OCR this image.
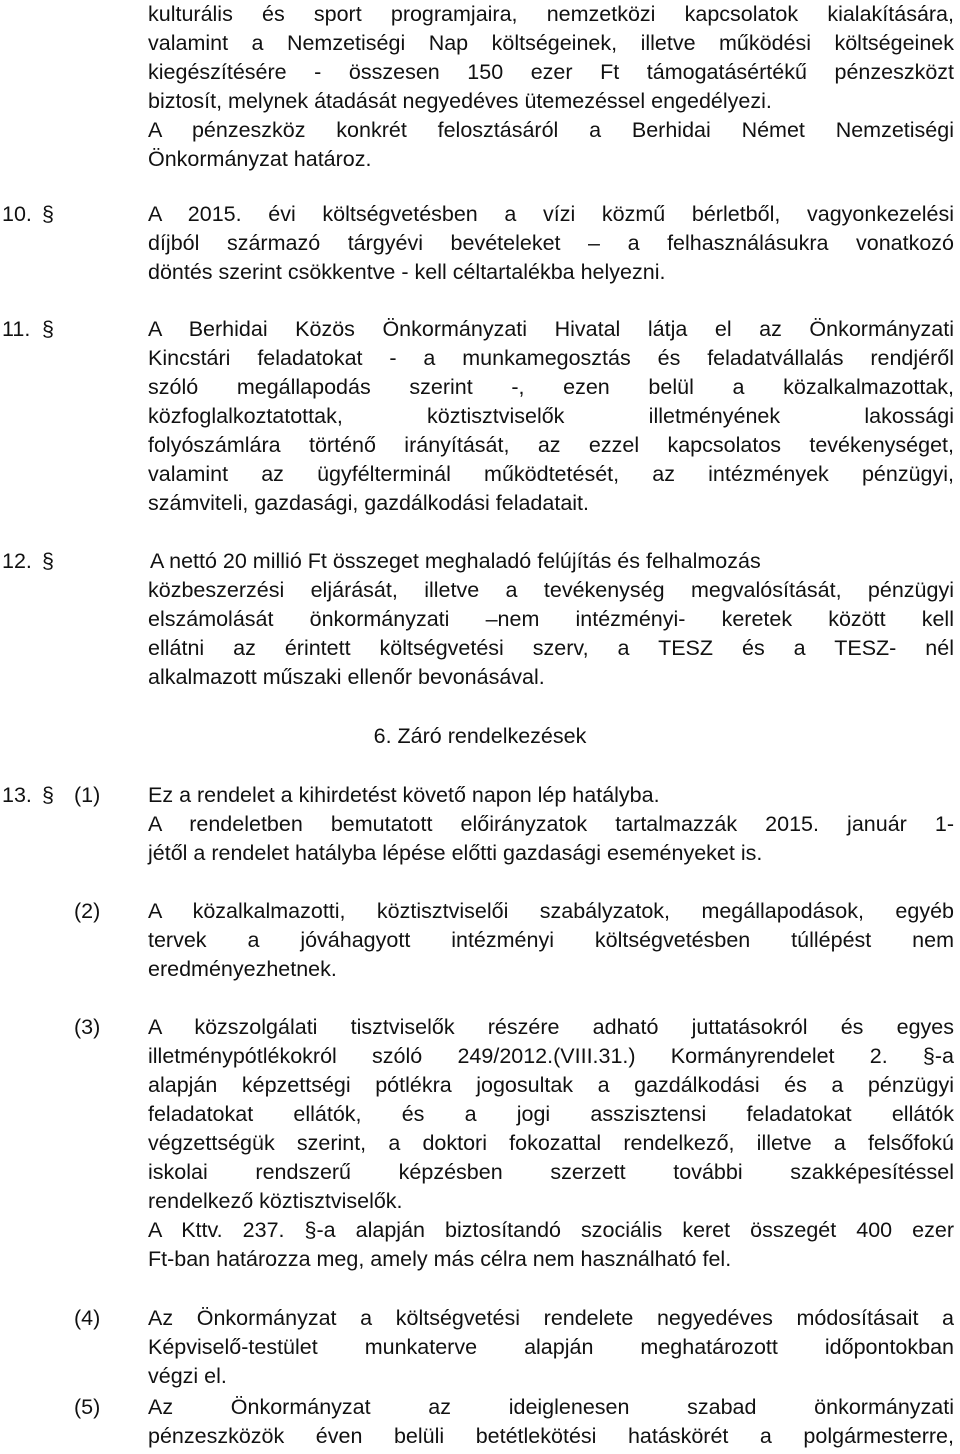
kulturális és sport programjaira, nemzetközi kapcsolatok kialakítására,
valamint a Nemzetiségi Nap költségeinek, illetve működési költségeinek
kiegészítésére - összesen 150 ezer Ft támogatásértékű pénzeszközt
biztosít, melynek átadását negyedéves ütemezéssel engedélyezi.
A pénzeszköz konkrét felosztásáról a Berhidai Német Nemzetiségi
Önkormányzat határoz.
10. §	A 2015. évi költségvetésben a vízi közmű bérletből, vagyonkezelési
díjból származó tárgyévi bevételeket – a felhasználásukra vonatkozó
döntés szerint csökkentve - kell céltartalékba helyezni.
11. §	A Berhidai Közös Önkormányzati Hivatal látja el az Önkormányzati
Kincstári feladatokat - a munkamegosztás és feladatvállalás rendjéről
szóló megállapodás szerint -, ezen belül a közalkalmazottak,
közfoglalkoztatottak, köztisztviselők illetményének lakossági
folyószámlára történő irányítását, az ezzel kapcsolatos tevékenységet,
valamint az ügyfélterminál működtetését, az intézmények pénzügyi,
számviteli, gazdasági, gazdálkodási feladatait.
12. §	A nettó 20 millió Ft összeget meghaladó felújítás és felhalmozás
közbeszerzési eljárását, illetve a tevékenység megvalósítását, pénzügyi
elszámolását önkormányzati –nem intézményi- keretek között kell
ellátni az érintett költségvetési szerv, a TESZ és a TESZ- nél
alkalmazott műszaki ellenőr bevonásával.
6. Záró rendelkezések
13. § (1) Ez a rendelet a kihirdetést követő napon lép hatályba.
A rendeletben bemutatott előirányzatok tartalmazzák 2015. január 1-
jétől a rendelet hatályba lépése előtti gazdasági eseményeket is.
(2) A közalkalmazotti, köztisztviselői szabályzatok, megállapodások, egyéb
tervek a jóváhagyott intézményi költségvetésben túllépést nem
eredményezhetnek.
(3) A közszolgálati tisztviselők részére adható juttatásokról és egyes
illetménypótlékokról szóló 249/2012.(VIII.31.) Kormányrendelet 2. §-a
alapján képzettségi pótlékra jogosultak a gazdálkodási és a pénzügyi
feladatokat ellátók, és a jogi asszisztensi feladatokat ellátók
végzettségük szerint, a doktori fokozattal rendelkező, illetve a felsőfokú
iskolai rendszerű képzésben szerzett további szakképesítéssel
rendelkező köztisztviselők.
A Kttv. 237. §-a alapján biztosítandó szociális keret összegét 400 ezer
Ft-ban határozza meg, amely más célra nem használható fel.
(4) Az Önkormányzat a költségvetési rendelete negyedéves módosításait a
Képviselő-testület munkaterve alapján meghatározott időpontokban
végzi el.
(5) Az Önkormányzat az ideiglenesen szabad önkormányzati
pénzeszközök éven belüli betétlekötési hatáskörét a polgármesterre,
